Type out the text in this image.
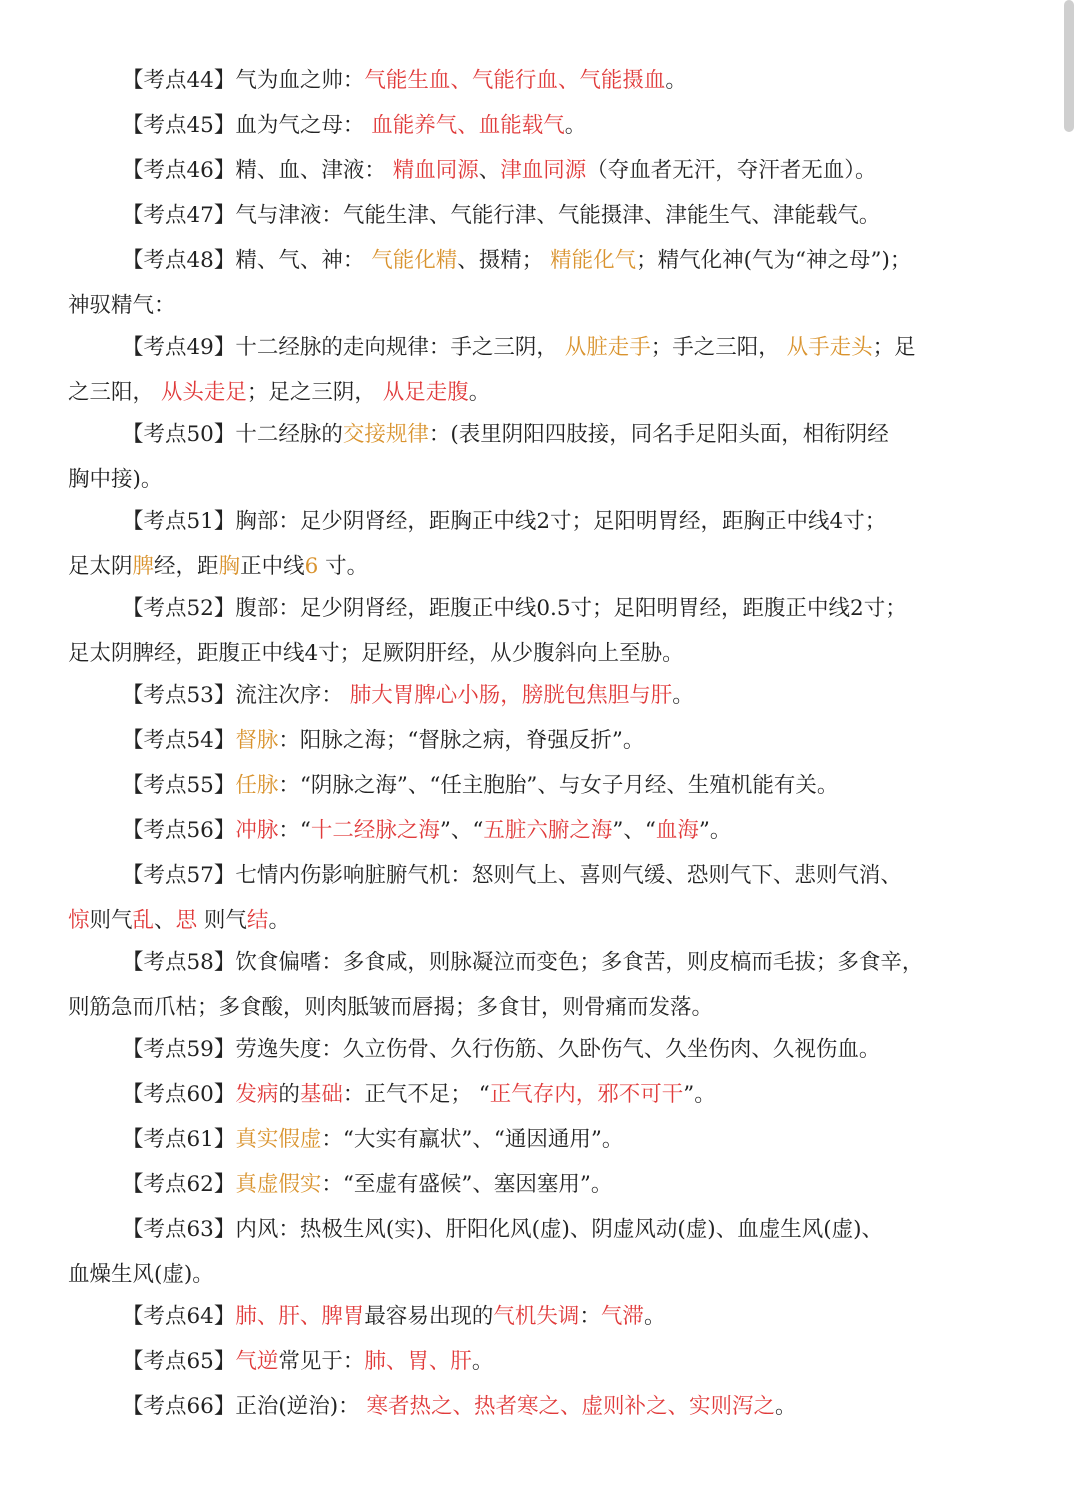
【考点44】气为血之帅：气能生血、气能行血、气能摄血。
【考点45】血为气之母： 血能养气、血能载气。
【考点46】精、血、津液： 精血同源、津血同源（夺血者无汗，夺汗者无血）。
【考点47】气与津液：气能生津、气能行津、气能摄津、津能生气、津能载气。
【考点48】精、气、神： 气能化精、摄精； 精能化气；精气化神(气为“神之母”)；
神驭精气：
【考点49】十二经脉的走向规律：手之三阴， 从脏走手；手之三阳， 从手走头；足
之三阳， 从头走足；足之三阴， 从足走腹。
【考点50】十二经脉的交接规律：(表里阴阳四肢接，同名手足阳头面，相衔阴经
胸中接)。
【考点51】胸部：足少阴肾经，距胸正中线2寸；足阳明胃经，距胸正中线4寸；
足太阴脾经，距胸正中线6 寸。
【考点52】腹部：足少阴肾经，距腹正中线0.5寸；足阳明胃经，距腹正中线2寸；
足太阴脾经，距腹正中线4寸；足厥阴肝经，从少腹斜向上至胁。
【考点53】流注次序： 肺大胃脾心小肠，膀胱包焦胆与肝。
【考点54】督脉：阳脉之海；“督脉之病，脊强反折”。
【考点55】任脉：“阴脉之海”、“任主胞胎”、与女子月经、生殖机能有关。
【考点56】冲脉：“十二经脉之海”、“五脏六腑之海”、“血海”。
【考点57】七情内伤影响脏腑气机：怒则气上、喜则气缓、恐则气下、悲则气消、
惊则气乱、思 则气结。
【考点58】饮食偏嗜：多食咸，则脉凝泣而变色；多食苦，则皮槁而毛拔；多食辛，
则筋急而爪枯；多食酸，则肉胝皱而唇揭；多食甘，则骨痛而发落。
【考点59】劳逸失度：久立伤骨、久行伤筋、久卧伤气、久坐伤肉、久视伤血。
【考点60】发病的基础：正气不足； “正气存内，邪不可干”。
【考点61】真实假虚：“大实有羸状”、“通因通用”。
【考点62】真虚假实：“至虚有盛候”、塞因塞用”。
【考点63】内风：热极生风(实)、肝阳化风(虚)、阴虚风动(虚)、血虚生风(虚)、
血燥生风(虚)。
【考点64】肺、肝、脾胃最容易出现的气机失调：气滞。
【考点65】气逆常见于：肺、胃、肝。
【考点66】正治(逆治)： 寒者热之、热者寒之、虚则补之、实则泻之。
